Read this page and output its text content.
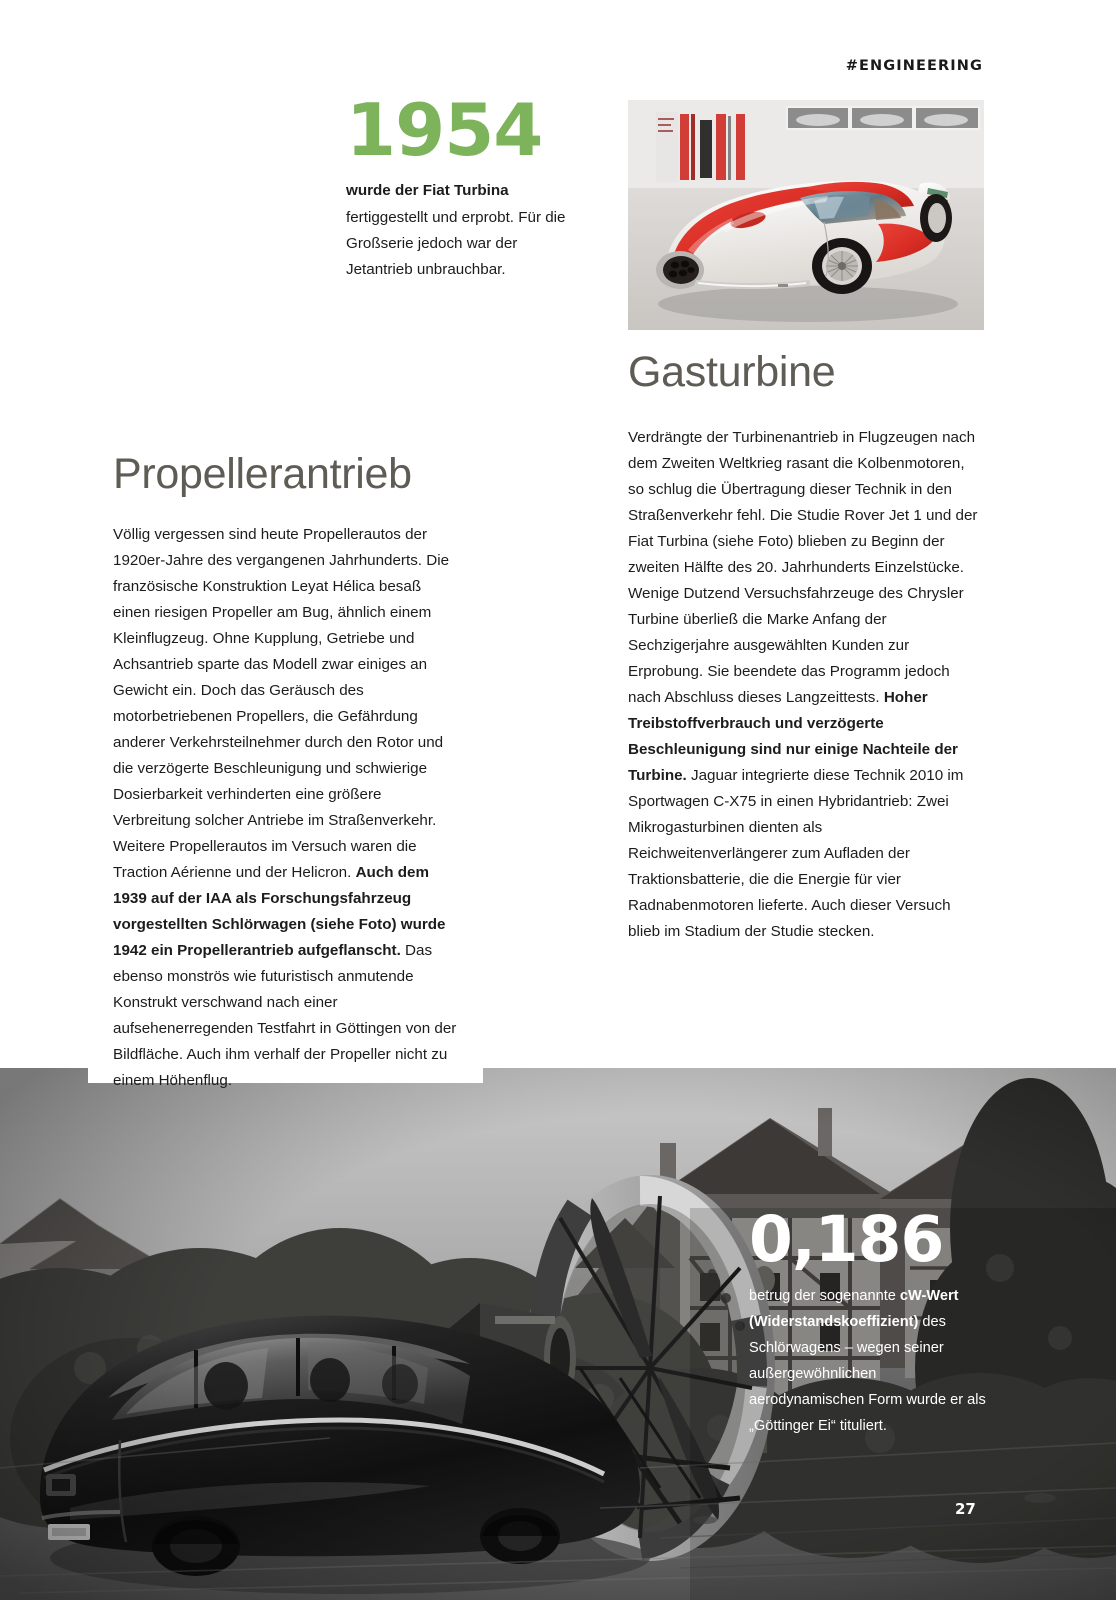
#ENGINEERING
1954
wurde der Fiat Turbina fertiggestellt und erprobt. Für die Großserie jedoch war der Jetantrieb unbrauchbar.
Gasturbine
Propellerantrieb
Verdrängte der Turbinenantrieb in Flugzeugen nach dem Zweiten Weltkrieg rasant die Kolbenmotoren, so schlug die Übertragung dieser Technik in den Straßenverkehr fehl. Die Studie Rover Jet 1 und der Fiat Turbina (siehe Foto) blieben zu Beginn der zweiten Hälfte des 20. Jahrhunderts Einzelstücke. Wenige Dutzend Versuchsfahrzeuge des Chrysler Turbine überließ die Marke Anfang der Sechzigerjahre ausgewählten Kunden zur Erprobung. Sie beendete das Programm jedoch nach Abschluss dieses Langzeittests. Hoher Treibstoffverbrauch und verzögerte Beschleunigung sind nur einige Nachteile der Turbine. Jaguar integrierte diese Technik 2010 im Sportwagen C-X75 in einen Hybridantrieb: Zwei Mikrogasturbinen dienten als Reichweitenverlängerer zum Aufladen der Traktionsbatterie, die die Energie für vier Radnabenmotoren lieferte. Auch dieser Versuch blieb im Stadium der Studie stecken.
Völlig vergessen sind heute Propellerautos der 1920er-Jahre des vergangenen Jahrhunderts. Die französische Konstruktion Leyat Hélica besaß einen riesigen Propeller am Bug, ähnlich einem Kleinflugzeug. Ohne Kupplung, Getriebe und Achsantrieb sparte das Modell zwar einiges an Gewicht ein. Doch das Geräusch des motorbetriebenen Propellers, die Gefährdung anderer Verkehrsteilnehmer durch den Rotor und die verzögerte Beschleunigung und schwierige Dosierbarkeit verhinderten eine größere Verbreitung solcher Antriebe im Straßenverkehr. Weitere Propellerautos im Versuch waren die Traction Aérienne und der Helicron. Auch dem 1939 auf der IAA als Forschungsfahrzeug vorgestellten Schlörwagen (siehe Foto) wurde 1942 ein Propellerantrieb aufgeflanscht. Das ebenso monströs wie futuristisch anmutende Konstrukt verschwand nach einer aufsehenerregenden Testfahrt in Göttingen von der Bildfläche. Auch ihm verhalf der Propeller nicht zu einem Höhenflug.
0,186
betrug der sogenannte cW-Wert (Widerstandskoeffizient) des Schlörwagens – wegen seiner außergewöhnlichen aerodynamischen Form wurde er als „Göttinger Ei“ tituliert.
27
